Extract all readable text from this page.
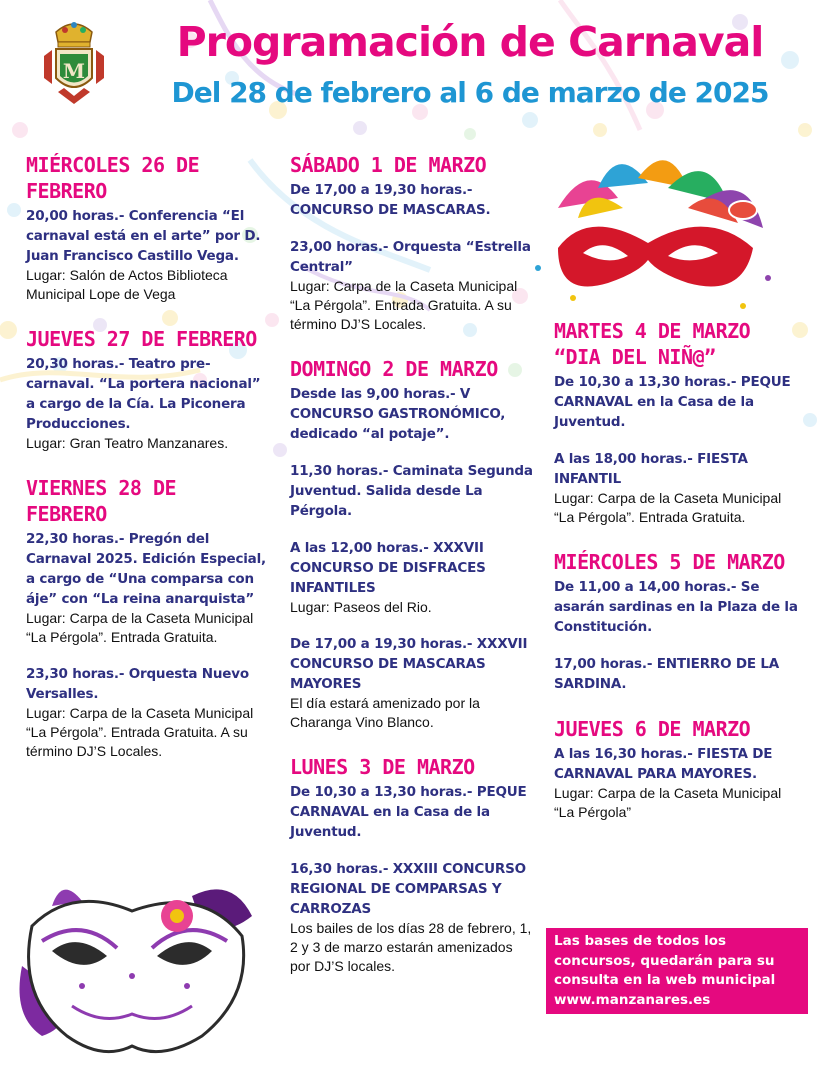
M
Programación de Carnaval
Del 28 de febrero al 6 de marzo de 2025
MIÉRCOLES 26 DE FEBRERO
20,00 horas.- Conferencia “El carnaval está en el arte” por D. Juan Francisco Castillo Vega.
Lugar: Salón de Actos Biblioteca Municipal Lope de Vega
JUEVES 27 DE FEBRERO
20,30 horas.- Teatro pre-carnaval. “La portera nacional” a cargo de la Cía. La Piconera Producciones.
Lugar: Gran Teatro Manzanares.
VIERNES 28 DE FEBRERO
22,30 horas.- Pregón del Carnaval 2025. Edición Especial, a cargo de “Una comparsa con áje” con “La reina anarquista”
Lugar: Carpa de la Caseta Municipal “La Pérgola”. Entrada Gratuita.
23,30 horas.- Orquesta Nuevo Versalles.
Lugar: Carpa de la Caseta Municipal “La Pérgola”. Entrada Gratuita. A su término DJ’S Locales.
SÁBADO 1 DE MARZO
De 17,00 a 19,30 horas.- CONCURSO DE MASCARAS.
23,00 horas.- Orquesta “Estrella Central”
Lugar: Carpa de la Caseta Municipal “La Pérgola”. Entrada Gratuita. A su término DJ’S Locales.
DOMINGO 2 DE MARZO
Desde las 9,00 horas.- V CONCURSO GASTRONÓMICO, dedicado “al potaje”.
11,30 horas.- Caminata Segunda Juventud. Salida desde La Pérgola.
A las 12,00 horas.- XXXVII CONCURSO DE DISFRACES INFANTILES
Lugar: Paseos del Rio.
De 17,00 a 19,30 horas.- XXXVII CONCURSO DE MASCARAS MAYORES
El día estará amenizado por la Charanga Vino Blanco.
LUNES 3 DE MARZO
De 10,30 a 13,30 horas.- PEQUE CARNAVAL en la Casa de la Juventud.
16,30 horas.- XXXIII CONCURSO REGIONAL DE COMPARSAS Y CARROZAS
Los bailes de los días 28 de febrero, 1, 2 y 3 de marzo estarán amenizados por DJ’S locales.
MARTES 4 DE MARZO “DIA DEL NIÑ@”
De 10,30 a 13,30 horas.- PEQUE CARNAVAL en la Casa de la Juventud.
A las 18,00 horas.- FIESTA INFANTIL
Lugar: Carpa de la Caseta Municipal “La Pérgola”. Entrada Gratuita.
MIÉRCOLES 5 DE MARZO
De 11,00 a 14,00 horas.- Se asarán sardinas en la Plaza de la Constitución.
17,00 horas.- ENTIERRO DE LA SARDINA.
JUEVES 6 DE MARZO
A las 16,30 horas.- FIESTA DE CARNAVAL PARA MAYORES.
Lugar: Carpa de la Caseta Municipal “La Pérgola”

Las bases de todos los concursos, quedarán para su consulta en la web municipal

www.manzanares.es
